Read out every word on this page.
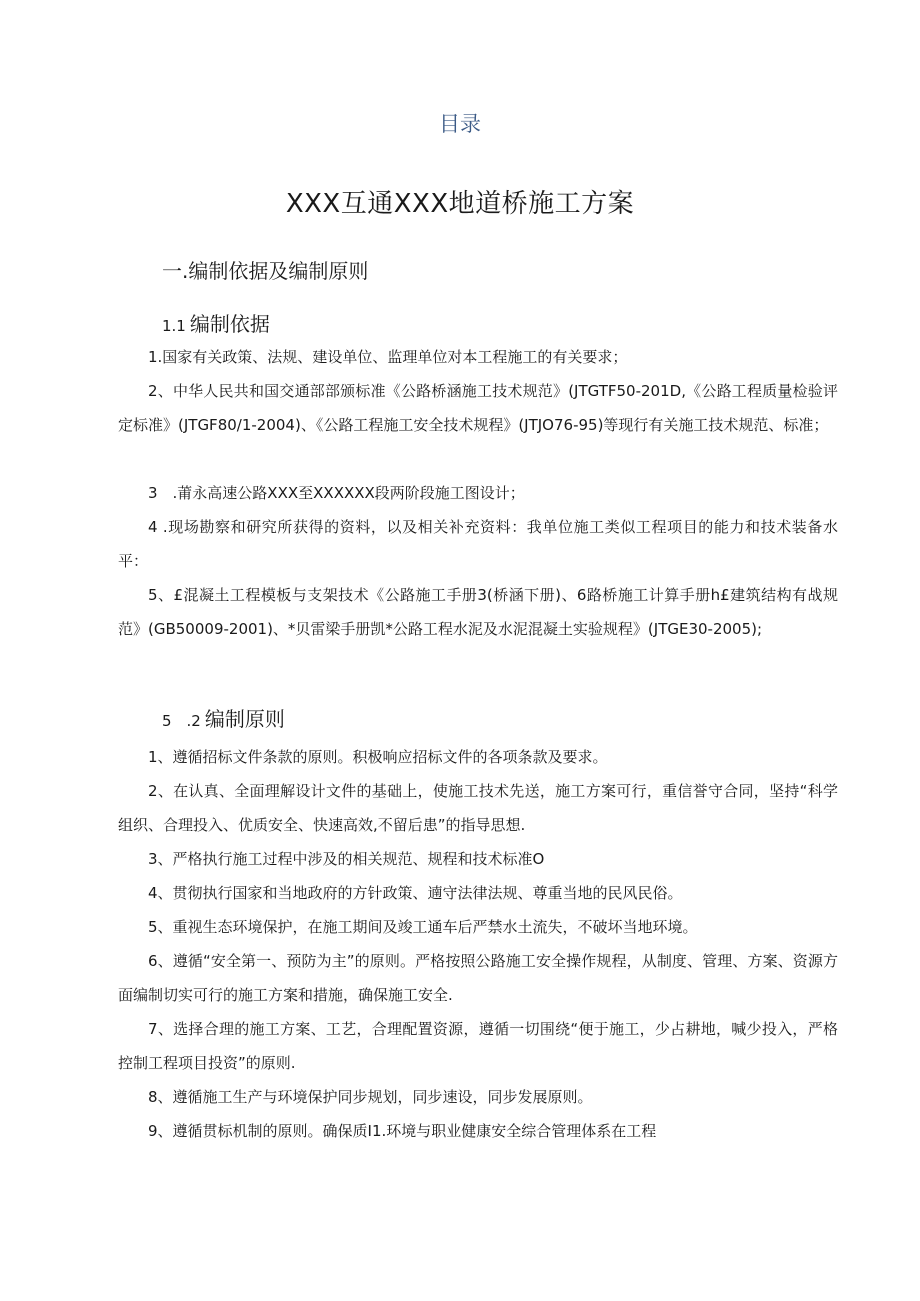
目录
XXX互通XXX地道桥施工方案
一.编制依据及编制原则
1.1 编制依据

1.国家有关政策、法规、建设单位、监理单位对本工程施工的有关要求；

2、中华人民共和国交通部部颁标准《公路桥涵施工技术规范》(JTGTF50-201D,《公路工程质量检验评定标准》(JTGF80/1-2004)、《公路工程施工安全技术规程》(JTJO76-95)等现行有关施工技术规范、标准；

3　.莆永高速公路XXX至XXXXXX段两阶段施工图设计；

4 .现场勘察和研究所获得的资料，以及相关补充资料：我单位施工类似工程项目的能力和技术装备水平：

5、£混凝土工程模板与支架技术《公路施工手册3(桥涵下册)、6路桥施工计算手册h£建筑结构有战规范》(GB50009-2001)、*贝雷梁手册凯*公路工程水泥及水泥混凝土实验规程》(JTGE30-2005);

5　.2 编制原则

1、遵循招标文件条款的原则。积极响应招标文件的各项条款及要求。

2、在认真、全面理解设计文件的基础上，使施工技术先送，施工方案可行，重信誉守合同，坚持“科学组织、合理投入、优质安全、快速高效,不留后患”的指导思想.

3、严格执行施工过程中涉及的相关规范、规程和技术标准O

4、贯彻执行国家和当地政府的方针政策、遖守法律法规、尊重当地的民风民俗。

5、重视生态环境保护，在施工期间及竣工通车后严禁水土流失，不破坏当地环境。

6、遵循“安全第一、预防为主”的原则。严格按照公路施工安全操作规程，从制度、管理、方案、资源方面编制切实可行的施工方案和措施，确保施工安全.

7、选择合理的施工方案、工艺，合理配置资源，遵循一切围绕“便于施工，少占耕地，喊少投入，严格控制工程项目投资”的原则.

8、遵循施工生产与环境保护同步规划，同步速设，同步发展原则。

9、遵循贯标机制的原则。确保质I1.环境与职业健康安全综合管理体系在工程
